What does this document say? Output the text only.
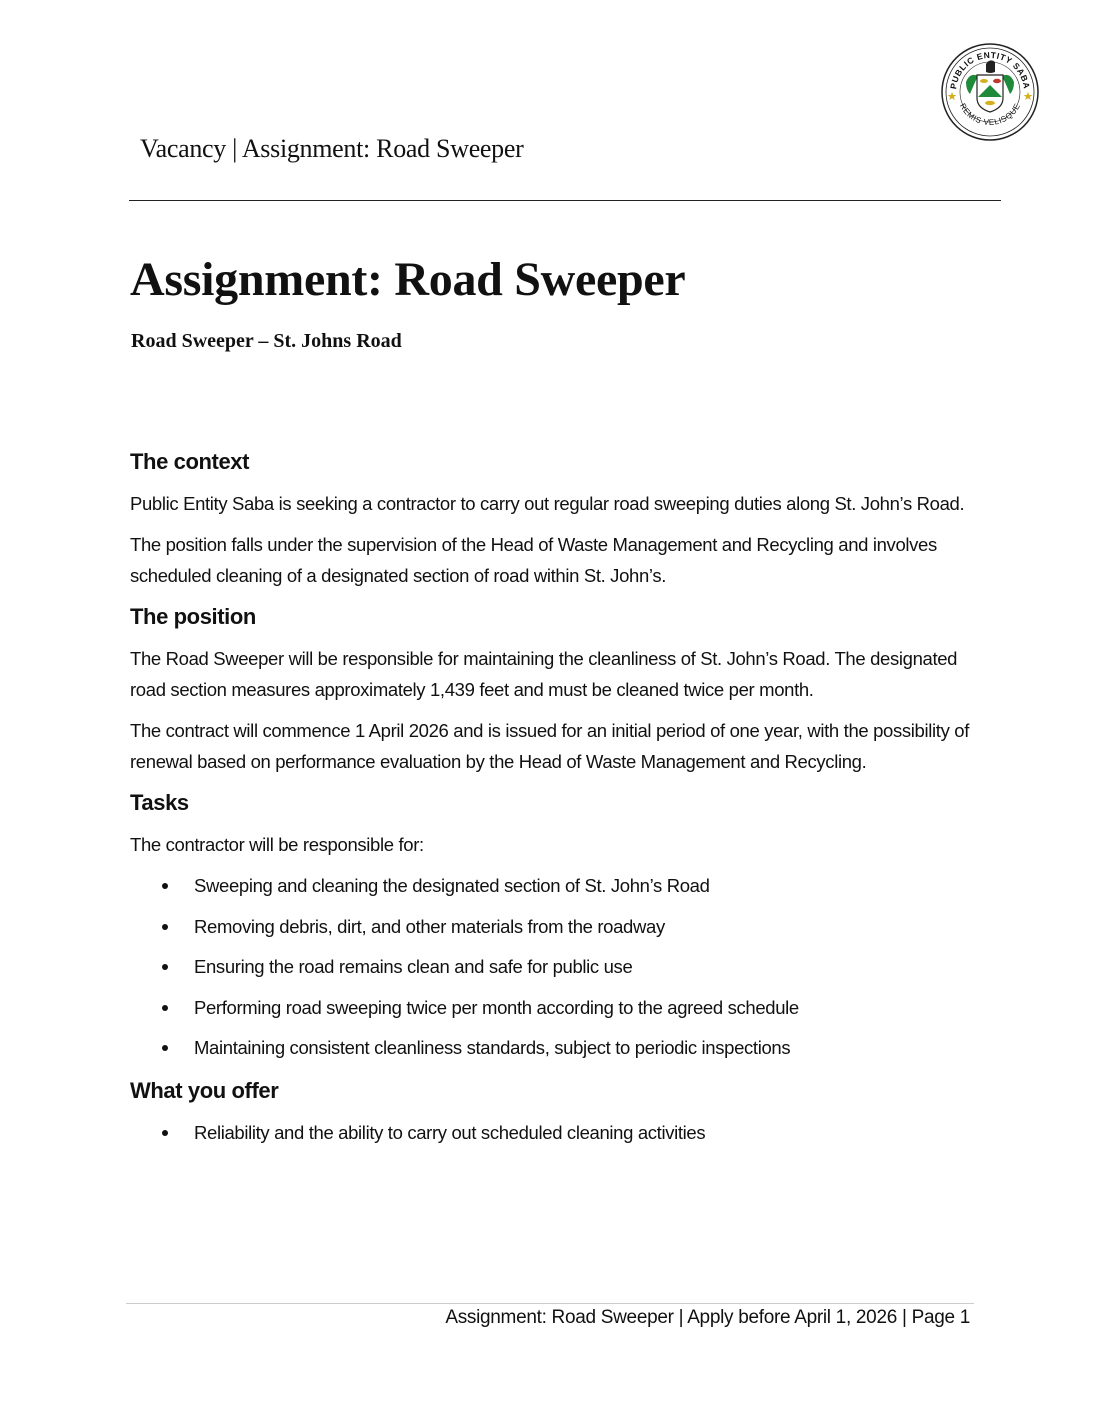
PUBLIC ENTITY SABA
REMIS VELISQUE
Vacancy | Assignment: Road Sweeper
Assignment: Road Sweeper
Road Sweeper – St. Johns Road
The context

Public Entity Saba is seeking a contractor to carry out regular road sweeping duties along St. John’s Road.

The position falls under the supervision of the Head of Waste Management and Recycling and involves scheduled cleaning of a designated section of road within St. John’s.

The position

The Road Sweeper will be responsible for maintaining the cleanliness of St. John’s Road. The designated road section measures approximately 1,439 feet and must be cleaned twice per month.

The contract will commence 1 April 2026 and is issued for an initial period of one year, with the possibility of renewal based on performance evaluation by the Head of Waste Management and Recycling.

Tasks

The contractor will be responsible for:

Sweeping and cleaning the designated section of St. John’s Road
Removing debris, dirt, and other materials from the roadway
Ensuring the road remains clean and safe for public use
Performing road sweeping twice per month according to the agreed schedule
Maintaining consistent cleanliness standards, subject to periodic inspections
What you offer
Reliability and the ability to carry out scheduled cleaning activities
Assignment: Road Sweeper | Apply before April 1, 2026 | Page 1
